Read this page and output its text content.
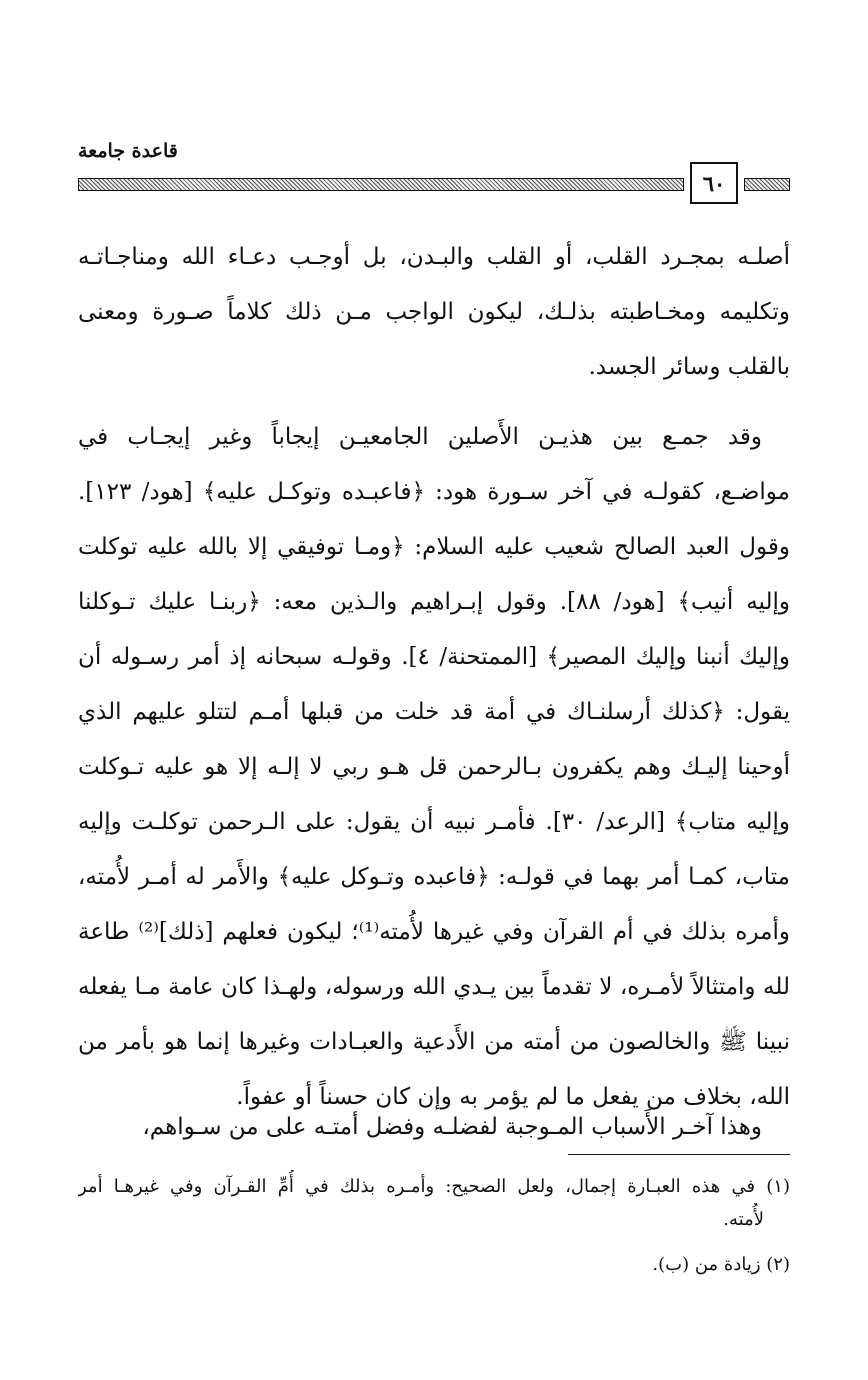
قاعدة جامعة
٦٠
أصلـه بمجـرد القلب، أو القلب والبـدن، بل أوجـب دعـاء الله ومناجـاتـه
وتكليمه ومخـاطبته بذلـك، ليكون الواجب مـن ذلك كلاماً صـورة ومعنى
بالقلب وسائر الجسد.
وقد جمـع بين هذيـن الأَصلين الجامعيـن إيجاباً وغير إيجـاب في
مواضـع، كقولـه في آخر سـورة هود: ﴿فاعبـده وتوكـل عليه﴾ [هود/ ١٢٣].
وقول العبد الصالح شعيب عليه السلام: ﴿ومـا توفيقي إلا بالله عليه توكلت
وإليه أنيب﴾ [هود/ ٨٨]. وقول إبـراهيم والـذين معه: ﴿ربنـا عليك تـوكلنا
وإليك أنبنا وإليك المصير﴾ [الممتحنة/ ٤]. وقولـه سبحانه إذ أمر رسـوله أن
يقول: ﴿كذلك أرسلنـاك في أمة قد خلت من قبلها أمـم لتتلو عليهم الذي
أوحينا إليـك وهم يكفرون بـالرحمن قل هـو ربي لا إلـه إلا هو عليه تـوكلت
وإليه متاب﴾ [الرعد/ ٣٠]. فأمـر نبيه أن يقول: على الـرحمن توكلـت وإليه
متاب، كمـا أمر بهما في قولـه: ﴿فاعبده وتـوكل عليه﴾ والأَمر له أمـر لأُمته،
وأمره بذلك في أم القرآن وفي غيرها لأُمته⁽¹⁾؛ ليكون فعلهم [ذلك]⁽²⁾ طاعة
لله وامتثالاً لأمـره، لا تقدماً بين يـدي الله ورسوله، ولهـذا كان عامة مـا يفعله
نبينا ﷺ والخالصون من أمته من الأَدعية والعبـادات وغيرها إنما هو بأمر من
الله، بخلاف من يفعل ما لم يؤمر به وإن كان حسناً أو عفواً.
وهذا آخـر الأَسباب المـوجبة لفضلـه وفضل أمتـه على من سـواهم،
(١) في هذه العبـارة إجمال، ولعل الصحيح: وأمـره بذلك في أُمِّ القـرآن وفي غيرهـا أمر
لأُمته.
(٢) زيادة من (ب).
